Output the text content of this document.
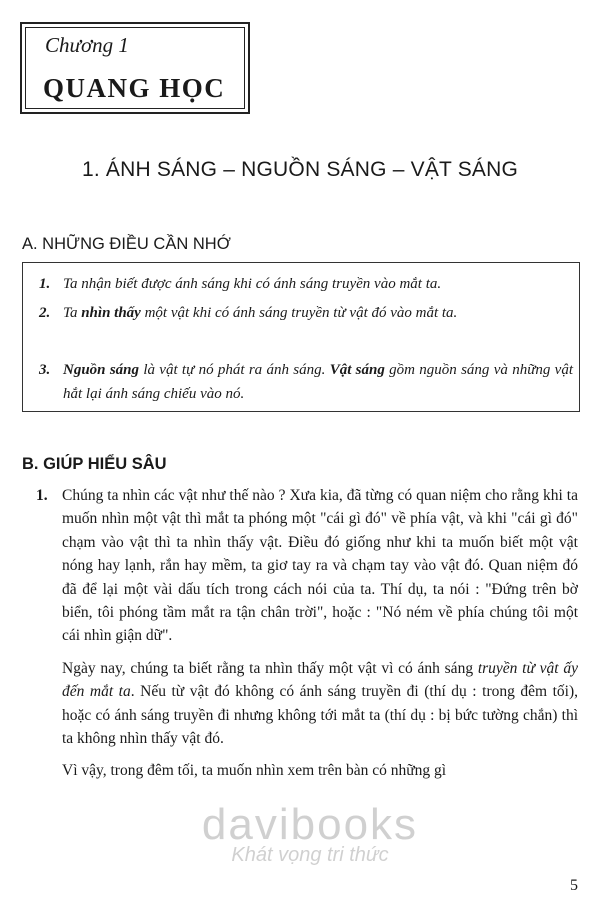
Chương 1
QUANG HỌC
1. ÁNH SÁNG – NGUỒN SÁNG – VẬT SÁNG
A. NHỮNG ĐIỀU CẦN NHỚ
1. Ta nhận biết được ánh sáng khi có ánh sáng truyền vào mắt ta.
2. Ta nhìn thấy một vật khi có ánh sáng truyền từ vật đó vào mắt ta.
3. Nguồn sáng là vật tự nó phát ra ánh sáng. Vật sáng gồm nguồn sáng và những vật hắt lại ánh sáng chiếu vào nó.
B. GIÚP HIỂU SÂU
1. Chúng ta nhìn các vật như thế nào ? Xưa kia, đã từng có quan niệm cho rằng khi ta muốn nhìn một vật thì mắt ta phóng một "cái gì đó" về phía vật, và khi "cái gì đó" chạm vào vật thì ta nhìn thấy vật. Điều đó giống như khi ta muốn biết một vật nóng hay lạnh, rắn hay mềm, ta giơ tay ra và chạm tay vào vật đó. Quan niệm đó đã để lại một vài dấu tích trong cách nói của ta. Thí dụ, ta nói : "Đứng trên bờ biển, tôi phóng tầm mắt ra tận chân trời", hoặc : "Nó ném về phía chúng tôi một cái nhìn giận dữ".

Ngày nay, chúng ta biết rằng ta nhìn thấy một vật vì có ánh sáng truyền từ vật ấy đến mắt ta. Nếu từ vật đó không có ánh sáng truyền đi (thí dụ : trong đêm tối), hoặc có ánh sáng truyền đi nhưng không tới mắt ta (thí dụ : bị bức tường chắn) thì ta không nhìn thấy vật đó.

Vì vậy, trong đêm tối, ta muốn nhìn xem trên bàn có những gì

davibooks
Khát vọng tri thức
5
